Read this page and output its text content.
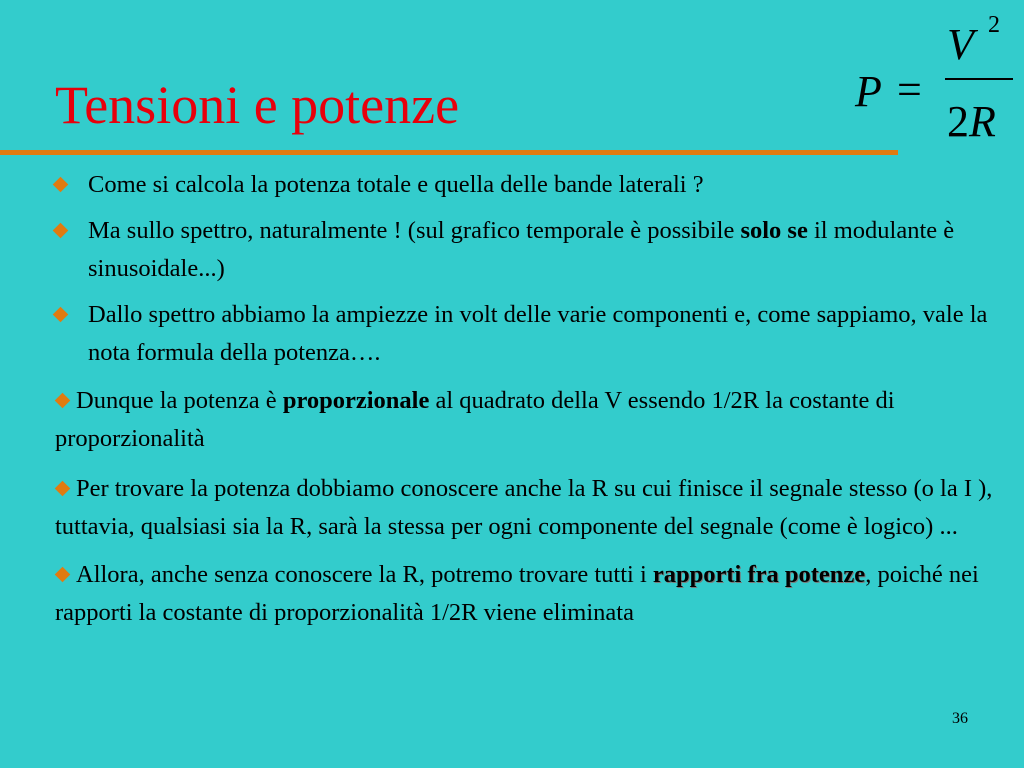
Tensioni e potenze	P =
V 2
2R
Come si calcola la potenza totale e quella delle bande laterali ?
Ma sullo spettro, naturalmente ! (sul grafico temporale è possibile solo se il modulante è sinusoidale...)
Dallo spettro abbiamo la ampiezze in volt delle varie componenti e, come sappiamo, vale la nota formula della potenza….
Dunque la potenza è proporzionale al quadrato della V essendo 1/2R la costante di proporzionalità
Per trovare la potenza dobbiamo conoscere anche la R su cui finisce il segnale stesso (o la I ), tuttavia, qualsiasi sia la R, sarà la stessa per ogni componente del segnale (come è logico) ...
Allora, anche senza conoscere la R, potremo trovare tutti i rapporti fra potenze, poiché nei rapporti la costante di proporzionalità 1/2R viene eliminata
36
